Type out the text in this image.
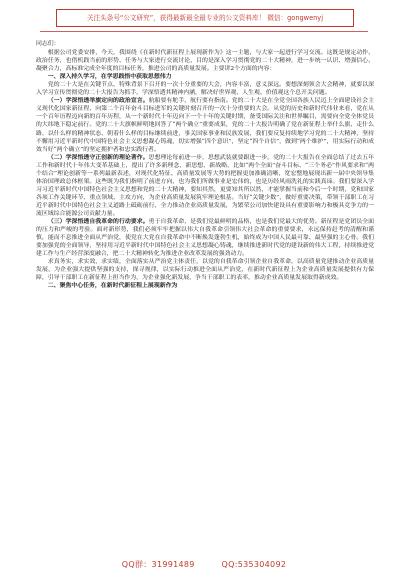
关注头条号“公文研究”，获得最新最全最专业的公文资料库！ 微信：gongwenyj

同志们：

根据公司党委安排，今天，我围绕《在新时代新征程上展现新作为》这一主题，与大家一起进行学习交流。这既是规定动作、政治任务，也借机践当前的形势、任务与大家进行交流讨论，目的是深入学习贯彻党的二十大精神，进一步统一认识、增强信心、凝聚合力，高标准完成全年度的目标任务，推进公司的高质量发展。主要讲2个方面的内容：

一、深入持久学习，在学思践悟中获取思想伟力

党的二十大是在关键节点、特殊背景下召开的一次十分重要的大会，内容丰富，意义深远。要想深刻领会大会精神，就要以深入学习宣传贯彻党的二十大报告为抓手，学深悟透其精神内涵，解决好世界观、人生观、价值观这个总开关问题。

（一）学深悟透举旗定向的政治宣言。航船要有舵手，航行要有指南。党的二十大是在全党全国各族人民迈上全面建设社会主义现代化国家新征程、向第二个百年奋斗目标进军的关键时刻召开的一次十分重要的大会。从党的历史和新时代伟业来看，党在从一个百年历程迈向新的百年历程，从一个新时代十年迈向下一个十年的关键时期，备受国际关注和世界瞩目，需要向全党全体党员的大纬地下稳定前行。党的二十大旗帜鲜明地回答了“两个确立”重要成果，党的二十大报告明确了党在新征程上举什么旗、走什么路、以什么样的精神状态、朝着什么样的目标继续前进，事关国家事业和民族发展，我们要反复持续地学习党的二十大精神，坚持不懈用习近平新时代中国特色社会主义思想凝心铸魂，切实增强“四个意识”，坚定“四个自信”，做到“两个维护”，用实际行动和成效当好“两个确立”的坚定拥护者和忠实践行者。

（二）学深悟透守正创新的理论著作。思想理论每前进一步，思想武装就要跟进一步。党的二十大报告在全面总结了过去五年工作和新时代十年伟大变革基础上，提出了许多新理念、新思想、新战略，比如“两个全面”奋斗目标、“三个务必”作风要求和“两个结合”理论创新等一系列最新表述，对现代化特征、高质量发展等大势的把握更加准确清晰，宽宏整地展现出新一届中央领导集体治国理政总体框架。这些既为我们指明了前进方向，也为我们所做事业是宏伟的，也是历经风雨洗礼的实践真谛。我们要深入学习习近平新时代中国特色社会主义思想和党的二十大精神，要知其然，更要知其所以然，才能掌握当前和今后一个时期，党和国家各项工作关键环节、重点领域、主攻方向，为企业高质量发展筑牢理论根基。当好“关键少数”，做好重要决策，带领干部职工在习近平新时代中国特色社会主义道路上砥砺前行，全力推动企业高质量发展，为繁荣公司加快建设具有重要影响力和极具竞争力的一流区域综合能源公司贡献力量。

（三）学深悟透自我革命的行动要求。勇于自我革命，是我们党最鲜明的品格，也是我们党最大的优势。新征程是党团员全面的压力和严峻的考验。面对新形势，我们必须牢牢把握以伟大自我革命引领伟大社会革命的重要要求，永远保持赶考的清醒和谨慎，能而不息推进全面从严治党，使党在大党在自我革命中不断焕发蓬勃生机，始终成为中国人民最可靠、最坚强的主心骨。我们要加强党的全面领导，坚持用习近平新时代中国特色社会主义思想凝心铸魂，继续推进新时代党的建设新的伟大工程，持续推进党建工作与生产经营深度融合，把二十大精神转化为推进企业改革发展的强劲动力。

求真务实，求实效，求实绩，全面落实从严治党主体责任，以党的自我革命引领企业自我革命，以高质量党建推动企业高质量发展，为企业强大提供坚强的支持，探寻规律，以实际行动推进全面从严治党，在新时代新征程上为企业高质量发展提供有力保障，引导干部职工在新征程上担当作为，为企业强化新发展，争当干部职工的表率，推动企业高质量发展取得新成效。

二、聚焦中心任务，在新时代新征程上展现新作为

QQ群：31991489	QQ:535304092
